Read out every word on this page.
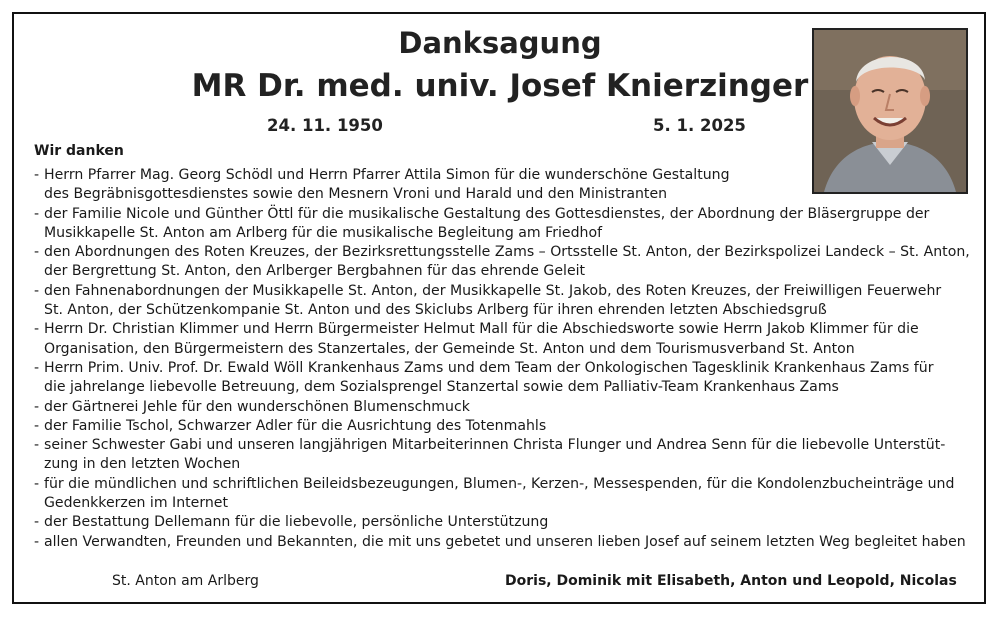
Danksagung
MR Dr. med. univ. Josef Knierzinger
24. 11. 1950	5. 1. 2025
Wir danken
- Herrn Pfarrer Mag. Georg Schödl und Herrn Pfarrer Attila Simon für die wunderschöne Gestaltung
des Begräbnisgottesdienstes sowie den Mesnern Vroni und Harald und den Ministranten
- der Familie Nicole und Günther Öttl für die musikalische Gestaltung des Gottesdienstes, der Abordnung der Bläsergruppe der
Musikkapelle St. Anton am Arlberg für die musikalische Begleitung am Friedhof
- den Abordnungen des Roten Kreuzes, der Bezirksrettungsstelle Zams – Ortsstelle St. Anton, der Bezirkspolizei Landeck – St. Anton,
der Bergrettung St. Anton, den Arlberger Bergbahnen für das ehrende Geleit
- den Fahnenabordnungen der Musikkapelle St. Anton, der Musikkapelle St. Jakob, des Roten Kreuzes, der Freiwilligen Feuerwehr
St. Anton, der Schützenkompanie St. Anton und des Skiclubs Arlberg für ihren ehrenden letzten Abschiedsgruß
- Herrn Dr. Christian Klimmer und Herrn Bürgermeister Helmut Mall für die Abschiedsworte sowie Herrn Jakob Klimmer für die
Organisation, den Bürgermeistern des Stanzertales, der Gemeinde St. Anton und dem Tourismusverband St. Anton
- Herrn Prim. Univ. Prof. Dr. Ewald Wöll Krankenhaus Zams und dem Team der Onkologischen Tagesklinik Krankenhaus Zams für
die jahrelange liebevolle Betreuung, dem Sozialsprengel Stanzertal sowie dem Palliativ-Team Krankenhaus Zams
- der Gärtnerei Jehle für den wunderschönen Blumenschmuck
- der Familie Tschol, Schwarzer Adler für die Ausrichtung des Totenmahls
- seiner Schwester Gabi und unseren langjährigen Mitarbeiterinnen Christa Flunger und Andrea Senn für die liebevolle Unterstüt-
zung in den letzten Wochen
- für die mündlichen und schriftlichen Beileidsbezeugungen, Blumen-, Kerzen-, Messespenden, für die Kondolenzbucheinträge und
Gedenkkerzen im Internet
- der Bestattung Dellemann für die liebevolle, persönliche Unterstützung
- allen Verwandten, Freunden und Bekannten, die mit uns gebetet und unseren lieben Josef auf seinem letzten Weg begleitet haben
St. Anton am Arlberg	Doris, Dominik mit Elisabeth, Anton und Leopold, Nicolas
